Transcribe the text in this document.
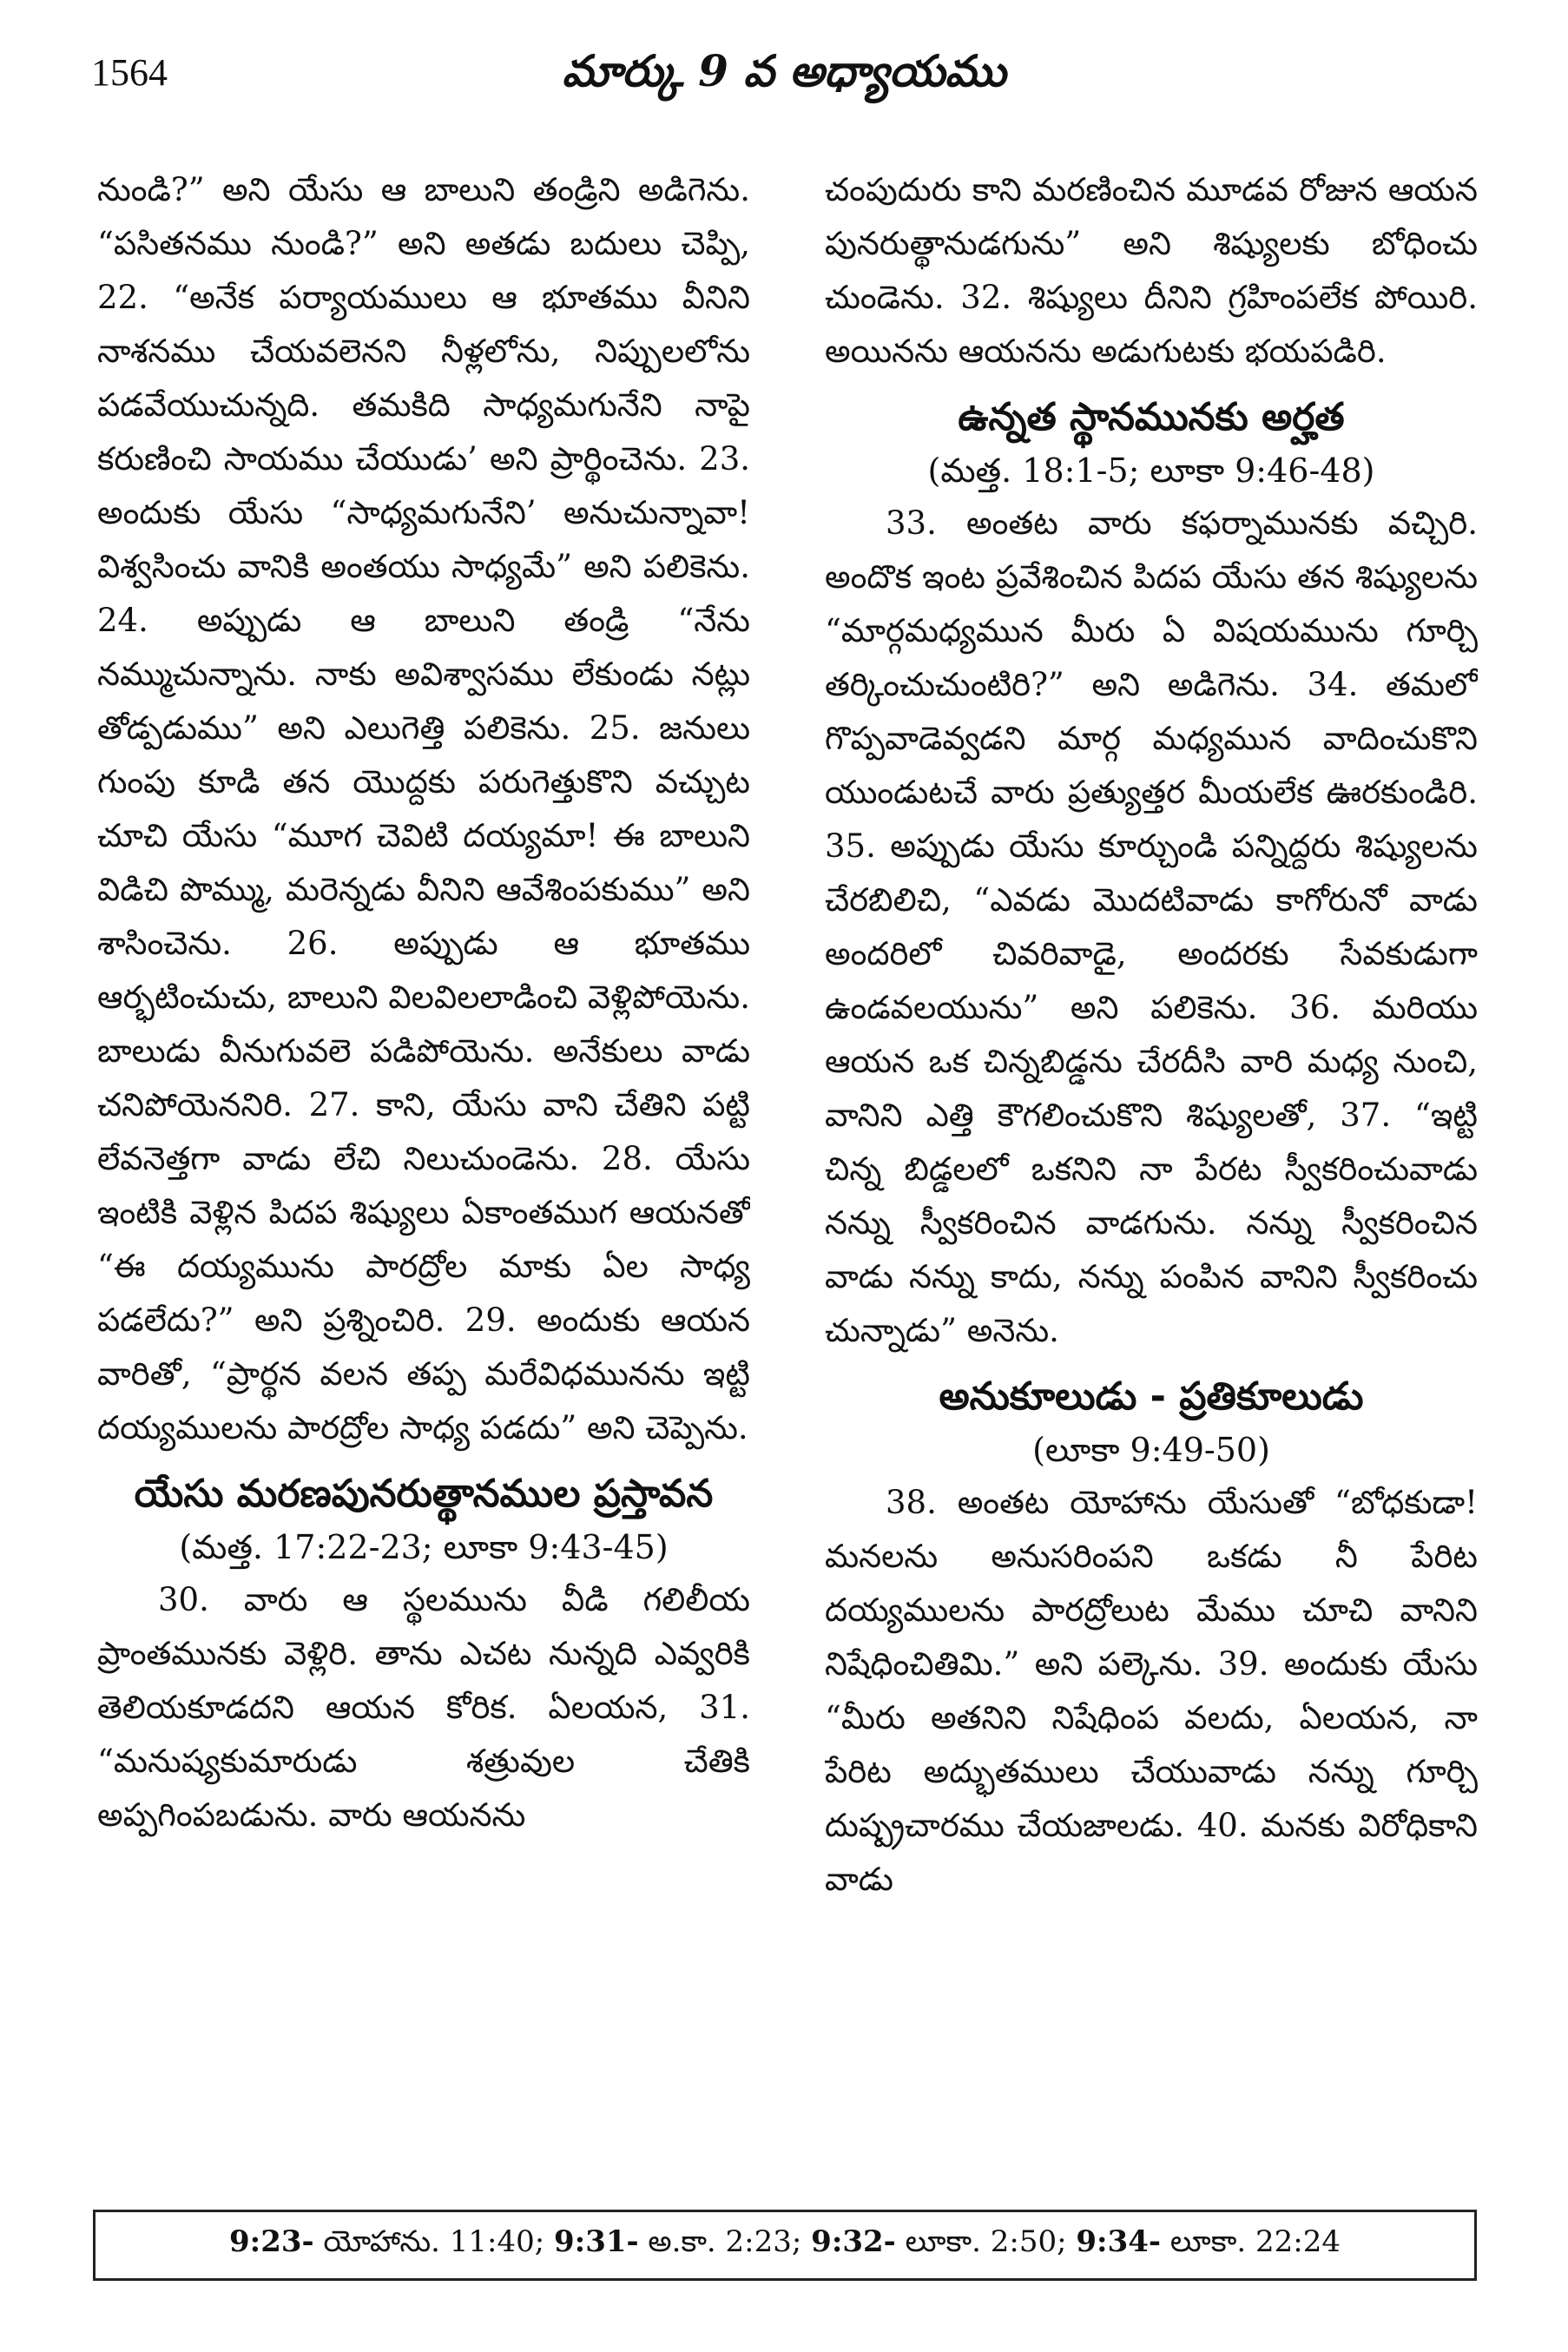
1564	మార్కు 9 వ అధ్యాయము

నుండి?” అని యేసు ఆ బాలుని తండ్రిని అడిగెను. “పసితనము నుండి?” అని అతడు బదులు చెప్పి, 22. “అనేక పర్యాయములు ఆ భూతము వీనిని నాశనము చేయవలెనని నీళ్లలోను, నిప్పులలోను పడవేయుచున్నది. తమకిది సాధ్యమగునేని నాపై కరుణించి సాయము చేయుడు’ అని ప్రార్థించెను. 23. అందుకు యేసు “సాధ్యమగునేని’ అనుచున్నావా! విశ్వసించు వానికి అంతయు సాధ్యమే” అని పలికెను. 24. అప్పుడు ఆ బాలుని తండ్రి “నేను నమ్ముచున్నాను. నాకు అవిశ్వాసము లేకుండు నట్లు తోడ్పడుము” అని ఎలుగెత్తి పలికెను. 25. జనులు గుంపు కూడి తన యొద్దకు పరుగెత్తుకొని వచ్చుట చూచి యేసు “మూగ చెవిటి దయ్యమా! ఈ బాలుని విడిచి పొమ్ము, మరెన్నడు వీనిని ఆవేశింపకుము” అని శాసించెను. 26. అప్పుడు ఆ భూతము ఆర్భటించుచు, బాలుని విలవిలలాడించి వెళ్లిపోయెను. బాలుడు వీనుగువలె పడిపోయెను. అనేకులు వాడు చనిపోయెననిరి. 27. కాని, యేసు వాని చేతిని పట్టి లేవనెత్తగా వాడు లేచి నిలుచుండెను. 28. యేసు ఇంటికి వెళ్లిన పిదప శిష్యులు ఏకాంతముగ ఆయనతో “ఈ దయ్యమును పారద్రోల మాకు ఏల సాధ్య పడలేదు?” అని ప్రశ్నించిరి. 29. అందుకు ఆయన వారితో, “ప్రార్థన వలన తప్ప మరేవిధమునను ఇట్టి దయ్యములను పారద్రోల సాధ్య పడదు” అని చెప్పెను.

యేసు మరణపునరుత్థానముల ప్రస్తావన
(మత్త. 17:22-23; లూకా 9:43-45)

30. వారు ఆ స్థలమును వీడి గలిలీయ ప్రాంతమునకు వెళ్లిరి. తాను ఎచట నున్నది ఎవ్వరికి తెలియకూడదని ఆయన కోరిక. ఏలయన, 31. “మనుష్యకుమారుడు శత్రువుల చేతికి అప్పగింపబడును. వారు ఆయనను

చంపుదురు కాని మరణించిన మూడవ రోజున ఆయన పునరుత్థానుడగును” అని శిష్యులకు బోధించు చుండెను. 32. శిష్యులు దీనిని గ్రహింపలేక పోయిరి. అయినను ఆయనను అడుగుటకు భయపడిరి.

ఉన్నత స్థానమునకు అర్హత
(మత్త. 18:1-5; లూకా 9:46-48)

33. అంతట వారు కఫర్నామునకు వచ్చిరి. అందొక ఇంట ప్రవేశించిన పిదప యేసు తన శిష్యులను “మార్గమధ్యమున మీరు ఏ విషయమును గూర్చి తర్కించుచుంటిరి?” అని అడిగెను. 34. తమలో గొప్పవాడెవ్వడని మార్గ మధ్యమున వాదించుకొని యుండుటచే వారు ప్రత్యుత్తర మీయలేక ఊరకుండిరి. 35. అప్పుడు యేసు కూర్చుండి పన్నిద్దరు శిష్యులను చేరబిలిచి, “ఎవడు మొదటివాడు కాగోరునో వాడు అందరిలో చివరివాడై, అందరకు సేవకుడుగా ఉండవలయును” అని పలికెను. 36. మరియు ఆయన ఒక చిన్నబిడ్డను చేరదీసి వారి మధ్య నుంచి, వానిని ఎత్తి కౌగలించుకొని శిష్యులతో, 37. “ఇట్టి చిన్న బిడ్డలలో ఒకనిని నా పేరట స్వీకరించువాడు నన్ను స్వీకరించిన వాడగును. నన్ను స్వీకరించిన వాడు నన్ను కాదు, నన్ను పంపిన వానిని స్వీకరించు చున్నాడు” అనెను.

అనుకూలుడు - ప్రతికూలుడు
(లూకా 9:49-50)

38. అంతట యోహాను యేసుతో “బోధకుడా! మనలను అనుసరింపని ఒకడు నీ పేరిట దయ్యములను పారద్రోలుట మేము చూచి వానిని నిషేధించితిమి.” అని పల్కెను. 39. అందుకు యేసు “మీరు అతనిని నిషేధింప వలదు, ఏలయన, నా పేరిట అద్భుతములు చేయువాడు నన్ను గూర్చి దుష్ప్రచారము చేయజాలడు. 40. మనకు విరోధికాని వాడు

9:23- యోహాను. 11:40; 9:31- అ.కా. 2:23; 9:32- లూకా. 2:50; 9:34- లూకా. 22:24
